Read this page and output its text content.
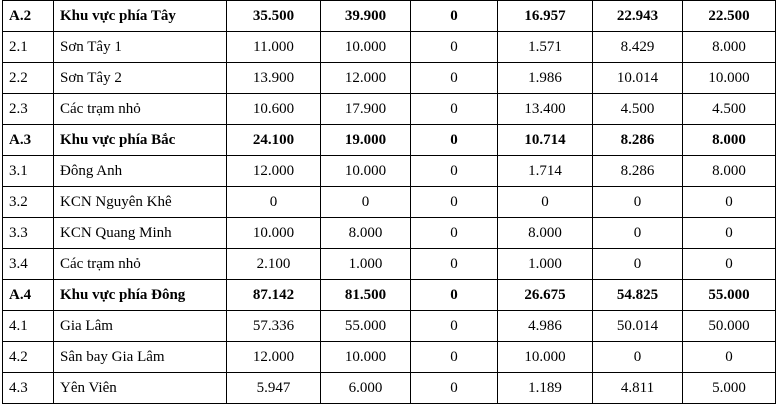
A.2	Khu vực phía Tây	35.500	39.900	0	16.957	22.943	22.500
2.1	Sơn Tây 1	11.000	10.000	0	1.571	8.429	8.000
2.2	Sơn Tây 2	13.900	12.000	0	1.986	10.014	10.000
2.3	Các trạm nhỏ	10.600	17.900	0	13.400	4.500	4.500
A.3	Khu vực phía Bắc	24.100	19.000	0	10.714	8.286	8.000
3.1	Đông Anh	12.000	10.000	0	1.714	8.286	8.000
3.2	KCN Nguyên Khê	0	0	0	0	0	0
3.3	KCN Quang Minh	10.000	8.000	0	8.000	0	0
3.4	Các trạm nhỏ	2.100	1.000	0	1.000	0	0
A.4	Khu vực phía Đông	87.142	81.500	0	26.675	54.825	55.000
4.1	Gia Lâm	57.336	55.000	0	4.986	50.014	50.000
4.2	Sân bay Gia Lâm	12.000	10.000	0	10.000	0	0
4.3	Yên Viên	5.947	6.000	0	1.189	4.811	5.000
